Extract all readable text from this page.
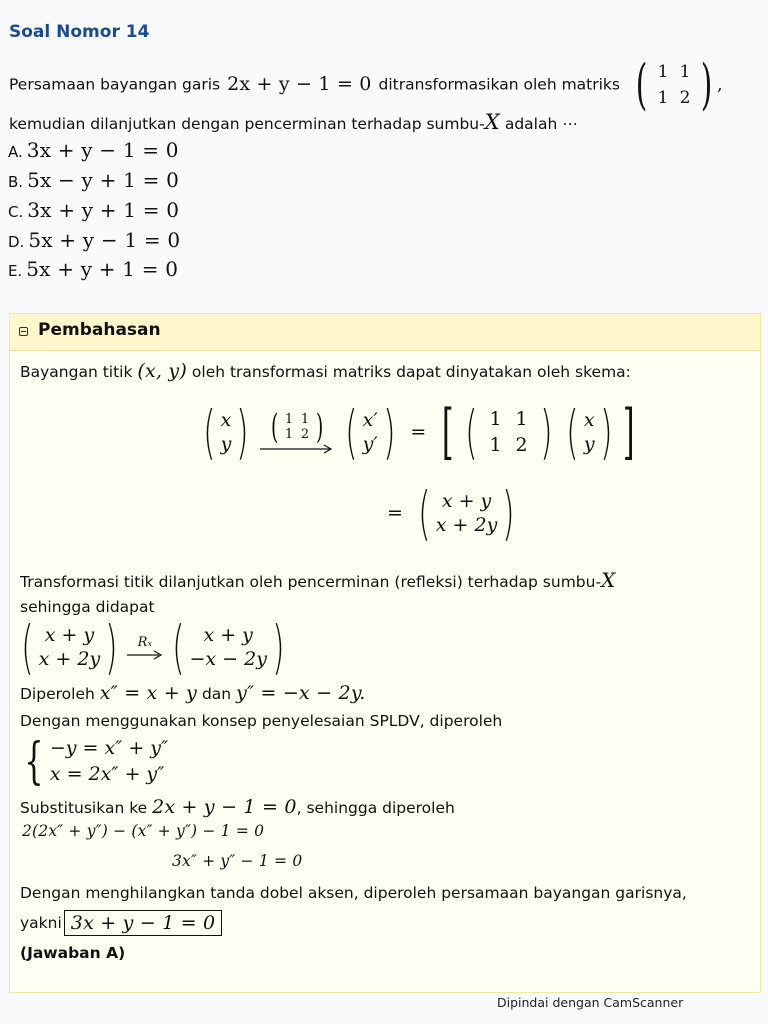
Soal Nomor 14
Persamaan bayangan garis 2x + y − 1 = 0 ditransformasikan oleh matriks ( 1 1
1 2 ) ,
kemudian dilanjutkan dengan pencerminan terhadap sumbu-X adalah ⋯
A. 3x + y − 1 = 0
B. 5x − y + 1 = 0
C. 3x + y + 1 = 0
D. 5x + y − 1 = 0
E. 5x + y + 1 = 0
Pembahasan
Bayangan titik (x, y) oleh transformasi matriks dapat dinyatakan oleh skema:
( x
y ) ( 1 1
1 2 ) ( x′
y′ ) = [ ( 1 1
1 2 ) ( x
y ) ]
= ( x + y
x + 2y )
Transformasi titik dilanjutkan oleh pencerminan (refleksi) terhadap sumbu-X
sehingga didapat
( x + y
x + 2y ) Rₓ (	x + y
−x − 2y )
Diperoleh x″ = x + y dan y″ = −x − 2y.
Dengan menggunakan konsep penyelesaian SPLDV, diperoleh
{ −y = x″ + y″
x = 2x″ + y″
Substitusikan ke 2x + y − 1 = 0, sehingga diperoleh
2(2x″ + y″) − (x″ + y″) − 1 = 0
3x″ + y″ − 1 = 0
Dengan menghilangkan tanda dobel aksen, diperoleh persamaan bayangan garisnya,
yakni 3x + y − 1 = 0
(Jawaban A)
Dipindai dengan CamScanner
